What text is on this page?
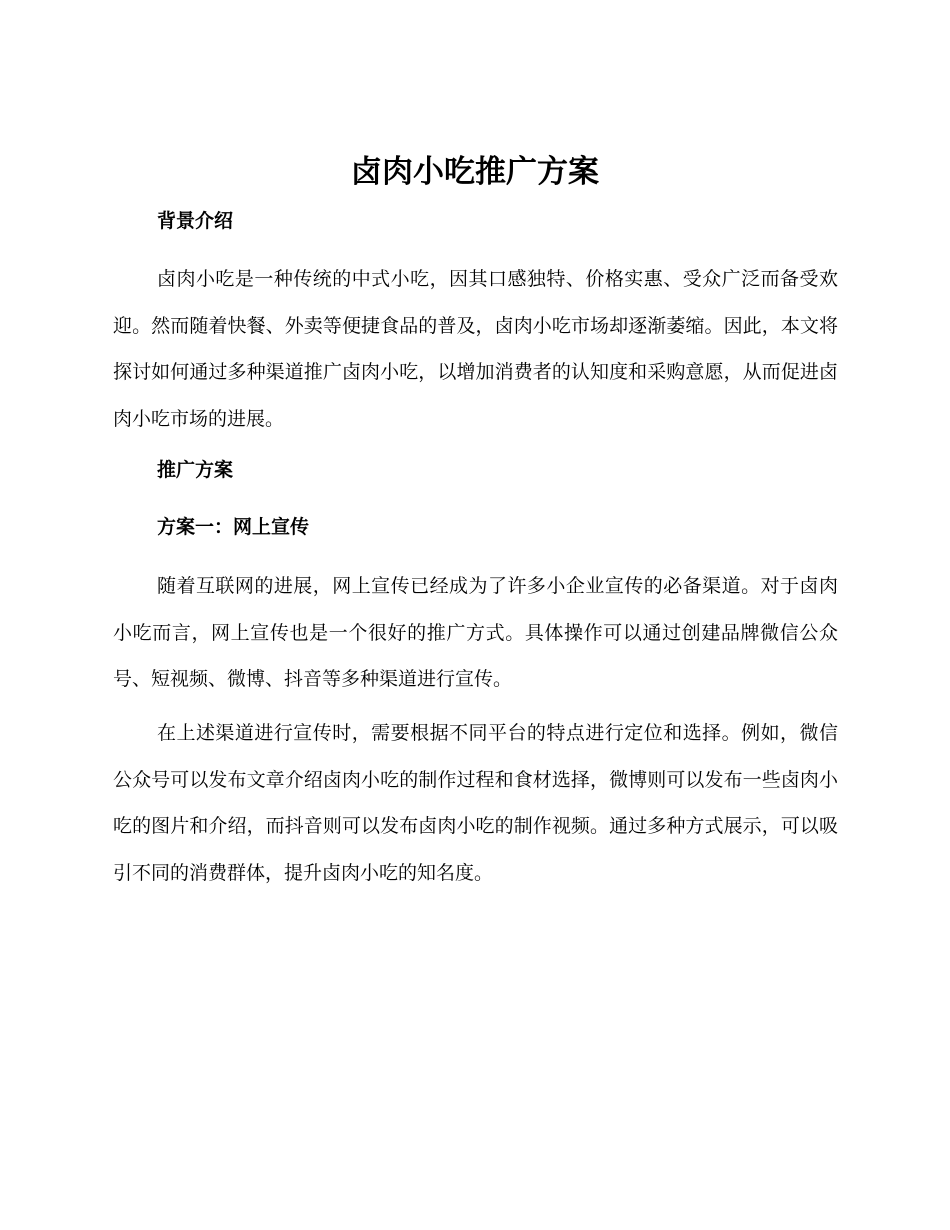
卤肉小吃推广方案
背景介绍

卤肉小吃是一种传统的中式小吃，因其口感独特、价格实惠、受众广泛而备受欢迎。然而随着快餐、外卖等便捷食品的普及，卤肉小吃市场却逐渐萎缩。因此，本文将探讨如何通过多种渠道推广卤肉小吃，以增加消费者的认知度和采购意愿，从而促进卤肉小吃市场的进展。

推广方案
方案一：网上宣传

随着互联网的进展，网上宣传已经成为了许多小企业宣传的必备渠道。对于卤肉小吃而言，网上宣传也是一个很好的推广方式。具体操作可以通过创建品牌微信公众号、短视频、微博、抖音等多种渠道进行宣传。

在上述渠道进行宣传时，需要根据不同平台的特点进行定位和选择。例如，微信公众号可以发布文章介绍卤肉小吃的制作过程和食材选择，微博则可以发布一些卤肉小吃的图片和介绍，而抖音则可以发布卤肉小吃的制作视频。通过多种方式展示，可以吸引不同的消费群体，提升卤肉小吃的知名度。
